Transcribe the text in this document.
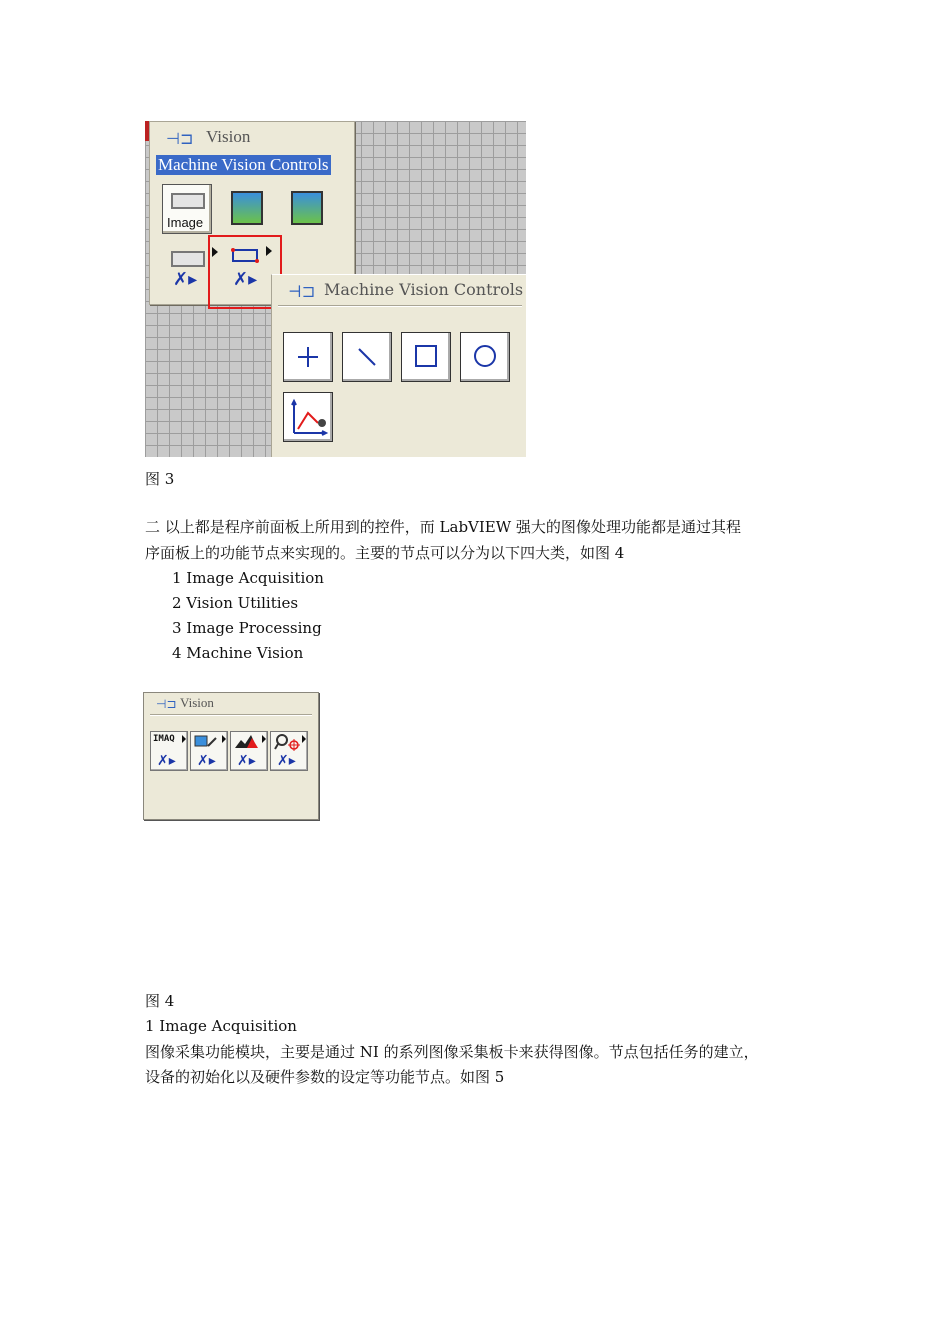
⊣⊐ Vision
Machine Vision Controls
Image
✗▸ ✗▸
⊣⊐ Machine Vision Controls
图 3
二 以上都是程序前面板上所用到的控件，而 LabVIEW 强大的图像处理功能都是通过其程
序面板上的功能节点来实现的。主要的节点可以分为以下四大类，如图 4
1 Image Acquisition
2 Vision Utilities
3 Image Processing
4 Machine Vision
⊣⊐ Vision
IMAQ
✗▸ ✗▸ ✗▸ ✗▸
图 4
1 Image Acquisition
图像采集功能模块，主要是通过 NI 的系列图像采集板卡来获得图像。节点包括任务的建立，
设备的初始化以及硬件参数的设定等功能节点。如图 5
